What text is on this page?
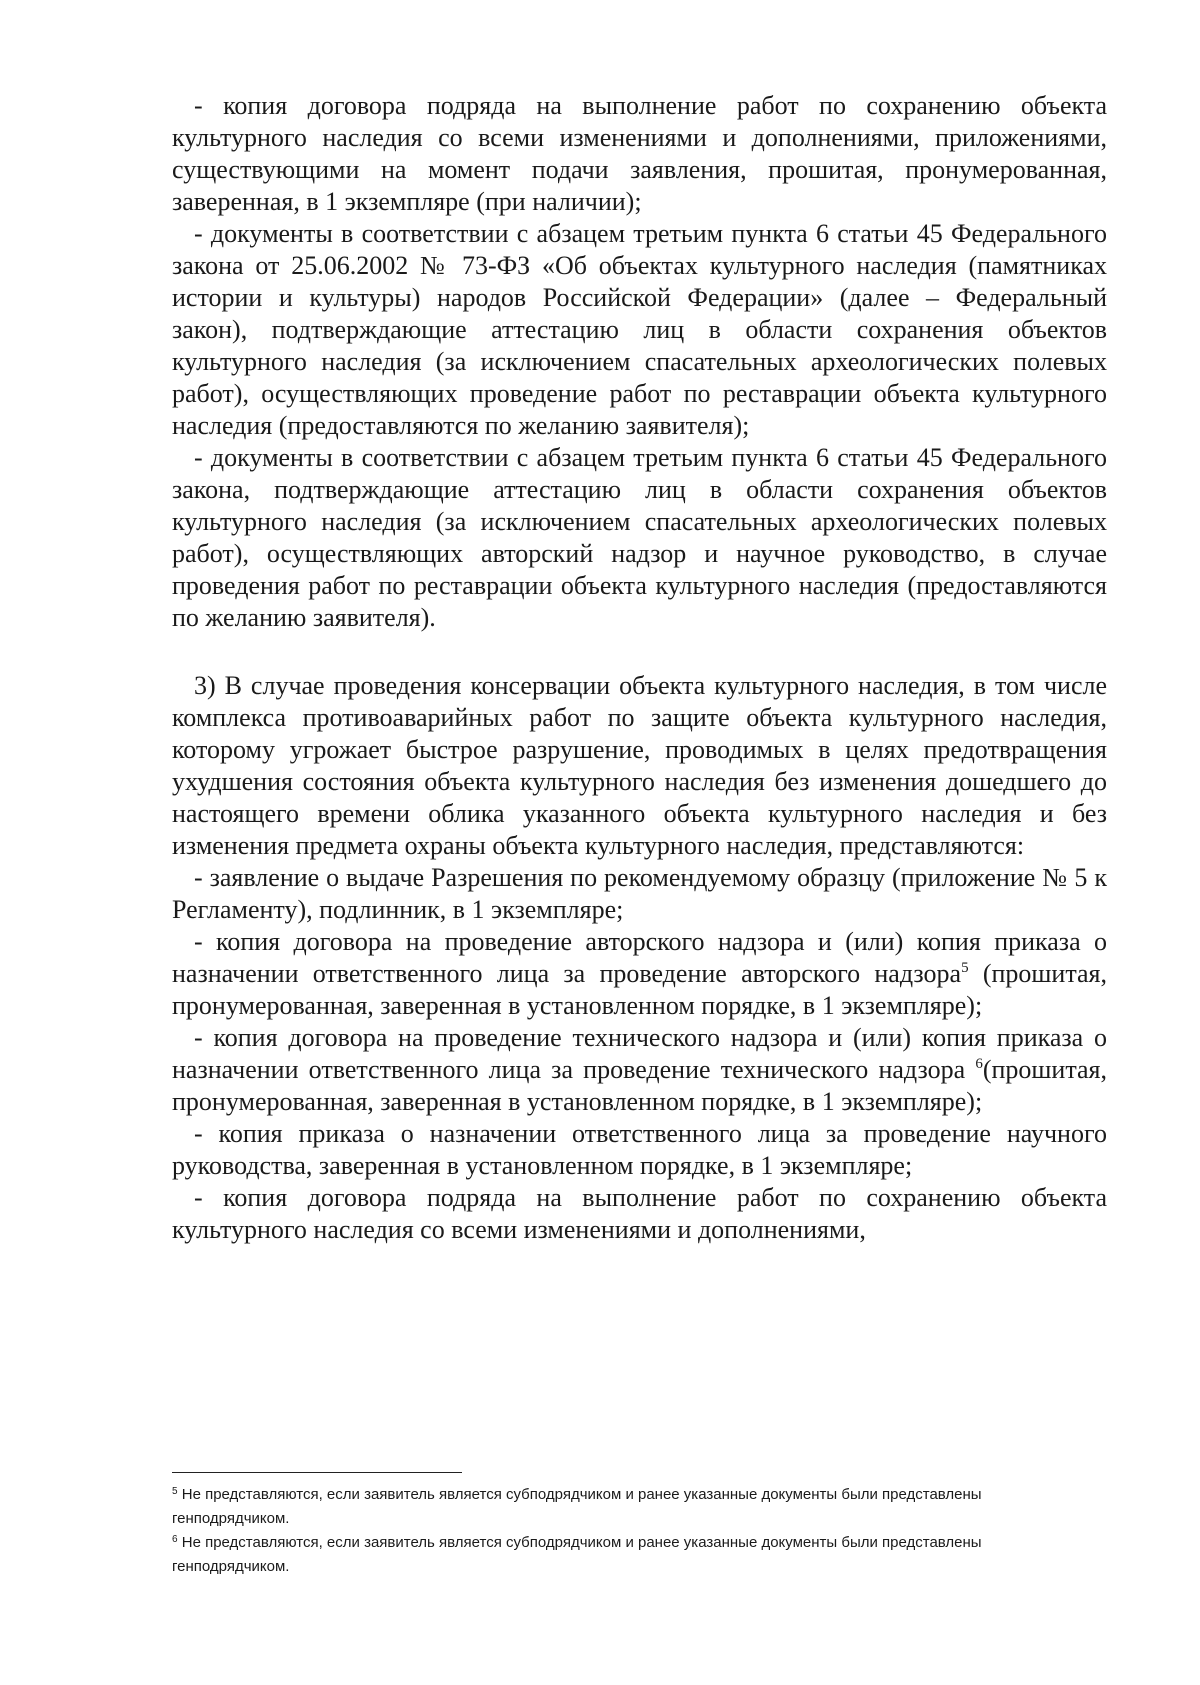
- копия договора подряда на выполнение работ по сохранению объекта культурного наследия со всеми изменениями и дополнениями, приложениями, существующими на момент подачи заявления, прошитая, пронумерованная, заверенная, в 1 экземпляре (при наличии);

- документы в соответствии с абзацем третьим пункта 6 статьи 45 Федерального закона от 25.06.2002 № 73-ФЗ «Об объектах культурного наследия (памятниках истории и культуры) народов Российской Федерации» (далее – Федеральный закон), подтверждающие аттестацию лиц в области сохранения объектов культурного наследия (за исключением спасательных археологических полевых работ), осуществляющих проведение работ по реставрации объекта культурного наследия (предоставляются по желанию заявителя);

- документы в соответствии с абзацем третьим пункта 6 статьи 45 Федерального закона, подтверждающие аттестацию лиц в области сохранения объектов культурного наследия (за исключением спасательных археологических полевых работ), осуществляющих авторский надзор и научное руководство, в случае проведения работ по реставрации объекта культурного наследия (предоставляются по желанию заявителя).

3) В случае проведения консервации объекта культурного наследия, в том числе комплекса противоаварийных работ по защите объекта культурного наследия, которому угрожает быстрое разрушение, проводимых в целях предотвращения ухудшения состояния объекта культурного наследия без изменения дошедшего до настоящего времени облика указанного объекта культурного наследия и без изменения предмета охраны объекта культурного наследия, представляются:

- заявление о выдаче Разрешения по рекомендуемому образцу (приложение № 5 к Регламенту), подлинник, в 1 экземпляре;

- копия договора на проведение авторского надзора и (или) копия приказа о назначении ответственного лица за проведение авторского надзора$^5$ (прошитая, пронумерованная, заверенная в установленном порядке, в 1 экземпляре);

- копия договора на проведение технического надзора и (или) копия приказа о назначении ответственного лица за проведение технического надзора $^6$(прошитая, пронумерованная, заверенная в установленном порядке, в 1 экземпляре);

- копия приказа о назначении ответственного лица за проведение научного руководства, заверенная в установленном порядке, в 1 экземпляре;

- копия договора подряда на выполнение работ по сохранению объекта культурного наследия со всеми изменениями и дополнениями,

$^5$ Не представляются, если заявитель является субподрядчиком и ранее указанные документы были представлены генподрядчиком.

$^6$ Не представляются, если заявитель является субподрядчиком и ранее указанные документы были представлены генподрядчиком.
